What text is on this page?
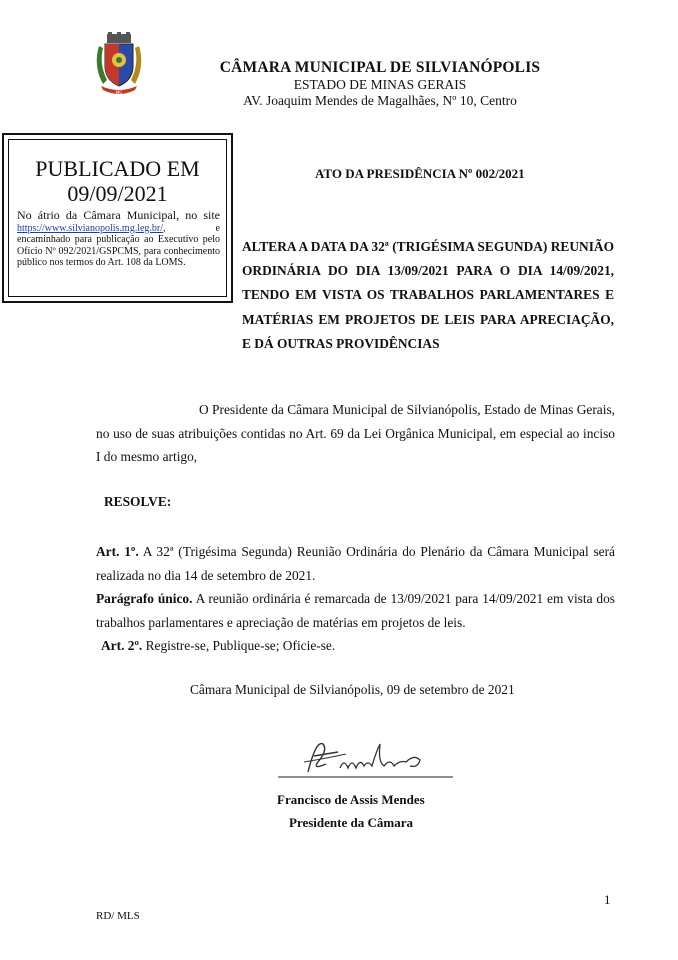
MG
CÂMARA MUNICIPAL DE SILVIANÓPOLIS
ESTADO DE MINAS GERAIS
AV. Joaquim Mendes de Magalhães, Nº 10, Centro
PUBLICADO EM
09/09/2021
No átrio da Câmara Municipal, no site https://www.silvianopolis.mg.leg.br/, e encaminhado para publicação ao Executivo pelo Ofício Nº 092/2021/GSPCMS, para conhecimento público nos termos do Art. 108 da LOMS.
ATO DA PRESIDÊNCIA Nº 002/2021
ALTERA A DATA DA 32ª (TRIGÉSIMA SEGUNDA) REUNIÃO ORDINÁRIA DO DIA 13/09/2021 PARA O DIA 14/09/2021, TENDO EM VISTA OS TRABALHOS PARLAMENTARES E MATÉRIAS EM PROJETOS DE LEIS PARA APRECIAÇÃO, E DÁ OUTRAS PROVIDÊNCIAS
O Presidente da Câmara Municipal de Silvianópolis, Estado de Minas Gerais, no uso de suas atribuições contidas no Art. 69 da Lei Orgânica Municipal, em especial ao inciso I do mesmo artigo,
RESOLVE:
Art. 1º. A 32ª (Trigésima Segunda) Reunião Ordinária do Plenário da Câmara Municipal será realizada no dia 14 de setembro de 2021.
Parágrafo único. A reunião ordinária é remarcada de 13/09/2021 para 14/09/2021 em vista dos trabalhos parlamentares e apreciação de matérias em projetos de leis.
Art. 2º. Registre-se, Publique-se; Oficie-se.
Câmara Municipal de Silvianópolis, 09 de setembro de 2021
Francisco de Assis Mendes
Presidente da Câmara
1
RD/ MLS
